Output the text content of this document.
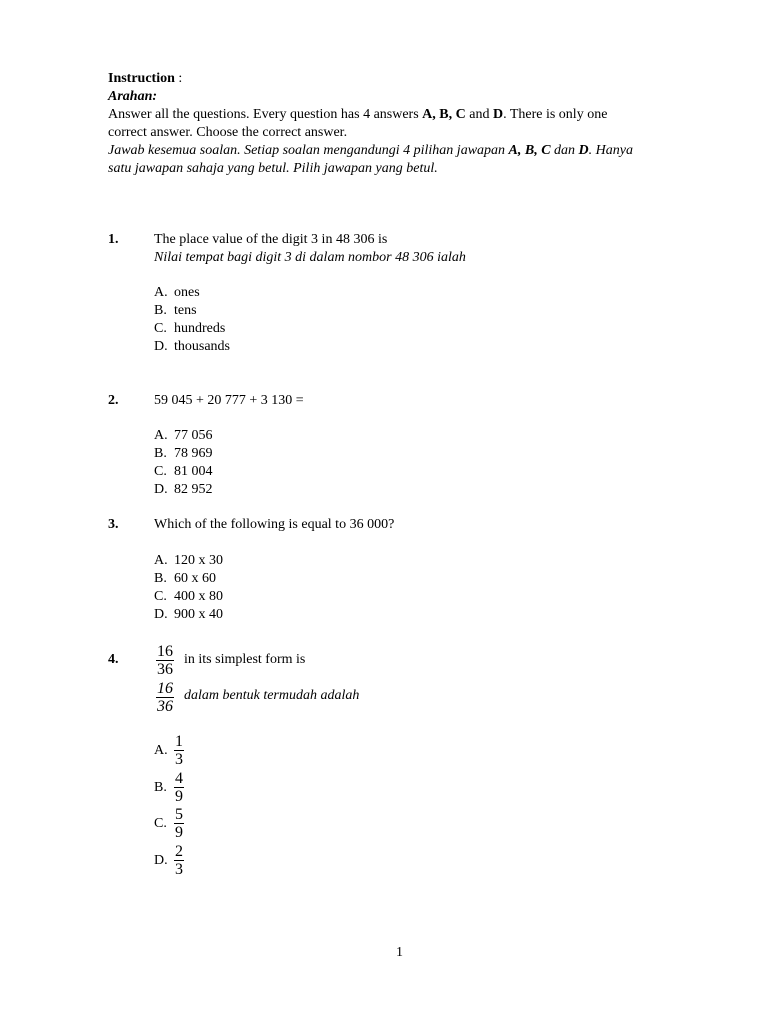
Instruction :
Arahan:
Answer all the questions. Every question has 4 answers A, B, C and D. There is only one
correct answer. Choose the correct answer.
Jawab kesemua soalan. Setiap soalan mengandungi 4 pilihan jawapan A, B, C dan D. Hanya
satu jawapan sahaja yang betul. Pilih jawapan yang betul.
1.	The place value of the digit 3 in 48 306 is
Nilai tempat bagi digit 3 di dalam nombor 48 306 ialah
A. ones
B. tens
C. hundreds
D. thousands
2.	59 045 + 20 777 + 3 130 =
A. 77 056
B. 78 969
C. 81 004
D. 82 952
3.	Which of the following is equal to 36 000?
A. 120 x 30
B. 60 x 60
C. 400 x 80
D. 900 x 40
4. 16
36
in its simplest form is
16
36
dalam bentuk termudah adalah
A.
1
3
B.
4
9
C.
5
9
D.
2
3
1
